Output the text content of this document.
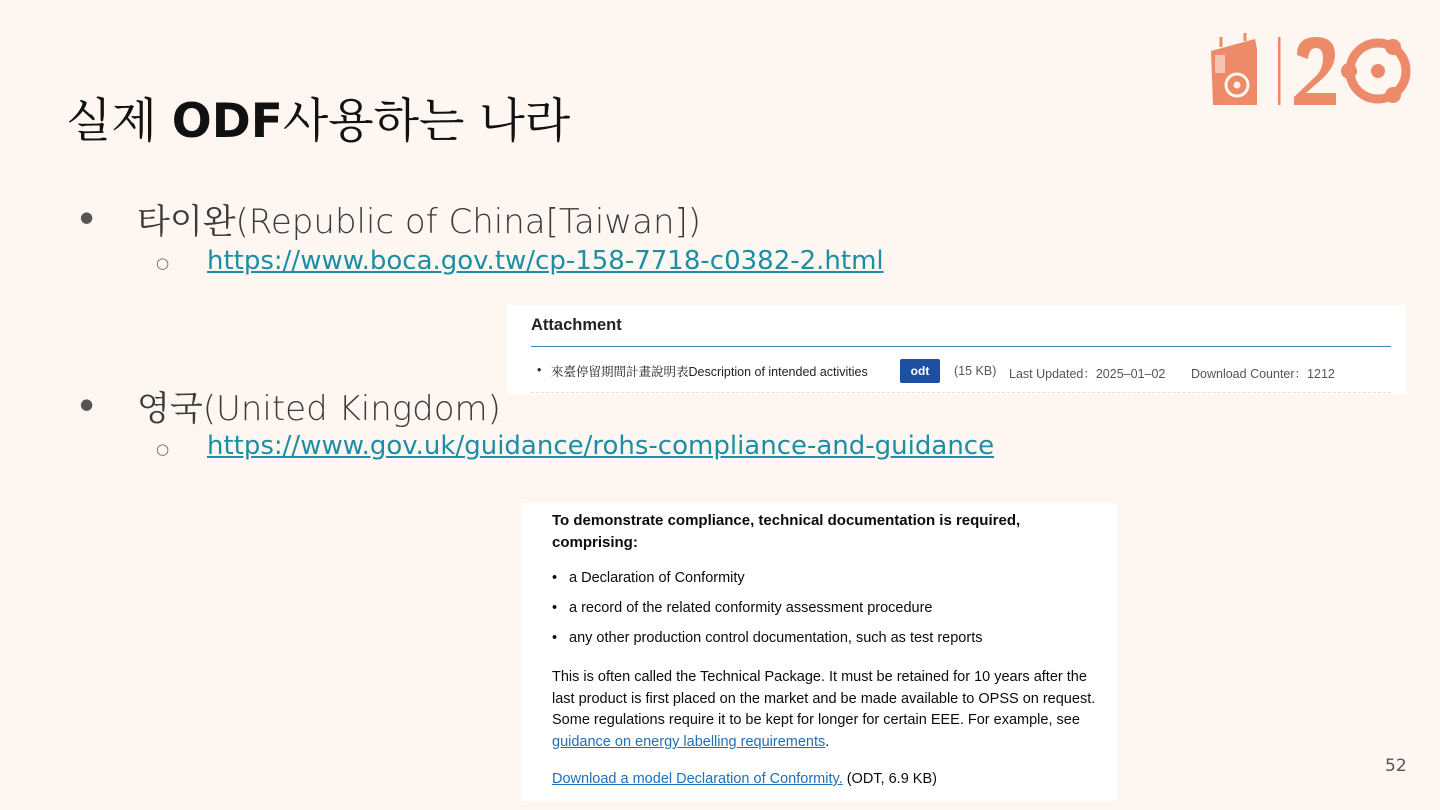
실제 ODF사용하는 나라
● 타이완(Republic of China[Taiwan])
○ https://www.boca.gov.tw/cp-158-7718-c0382-2.html
Attachment
• 來臺停留期間計畫說明表Description of intended activities	odt	(15 KB) Last Updated：2025–01–02 Download Counter：1212
● 영국(United Kingdom)
○ https://www.gov.uk/guidance/rohs-compliance-and-guidance
To demonstrate compliance, technical documentation is required, comprising:
• a Declaration of Conformity
• a record of the related conformity assessment procedure
• any other production control documentation, such as test reports
This is often called the Technical Package. It must be retained for 10 years after the last product is first placed on the market and be made available to OPSS on request. Some regulations require it to be kept for longer for certain EEE. For example, see guidance on energy labelling requirements.
Download a model Declaration of Conformity. (ODT, 6.9 KB)
52
